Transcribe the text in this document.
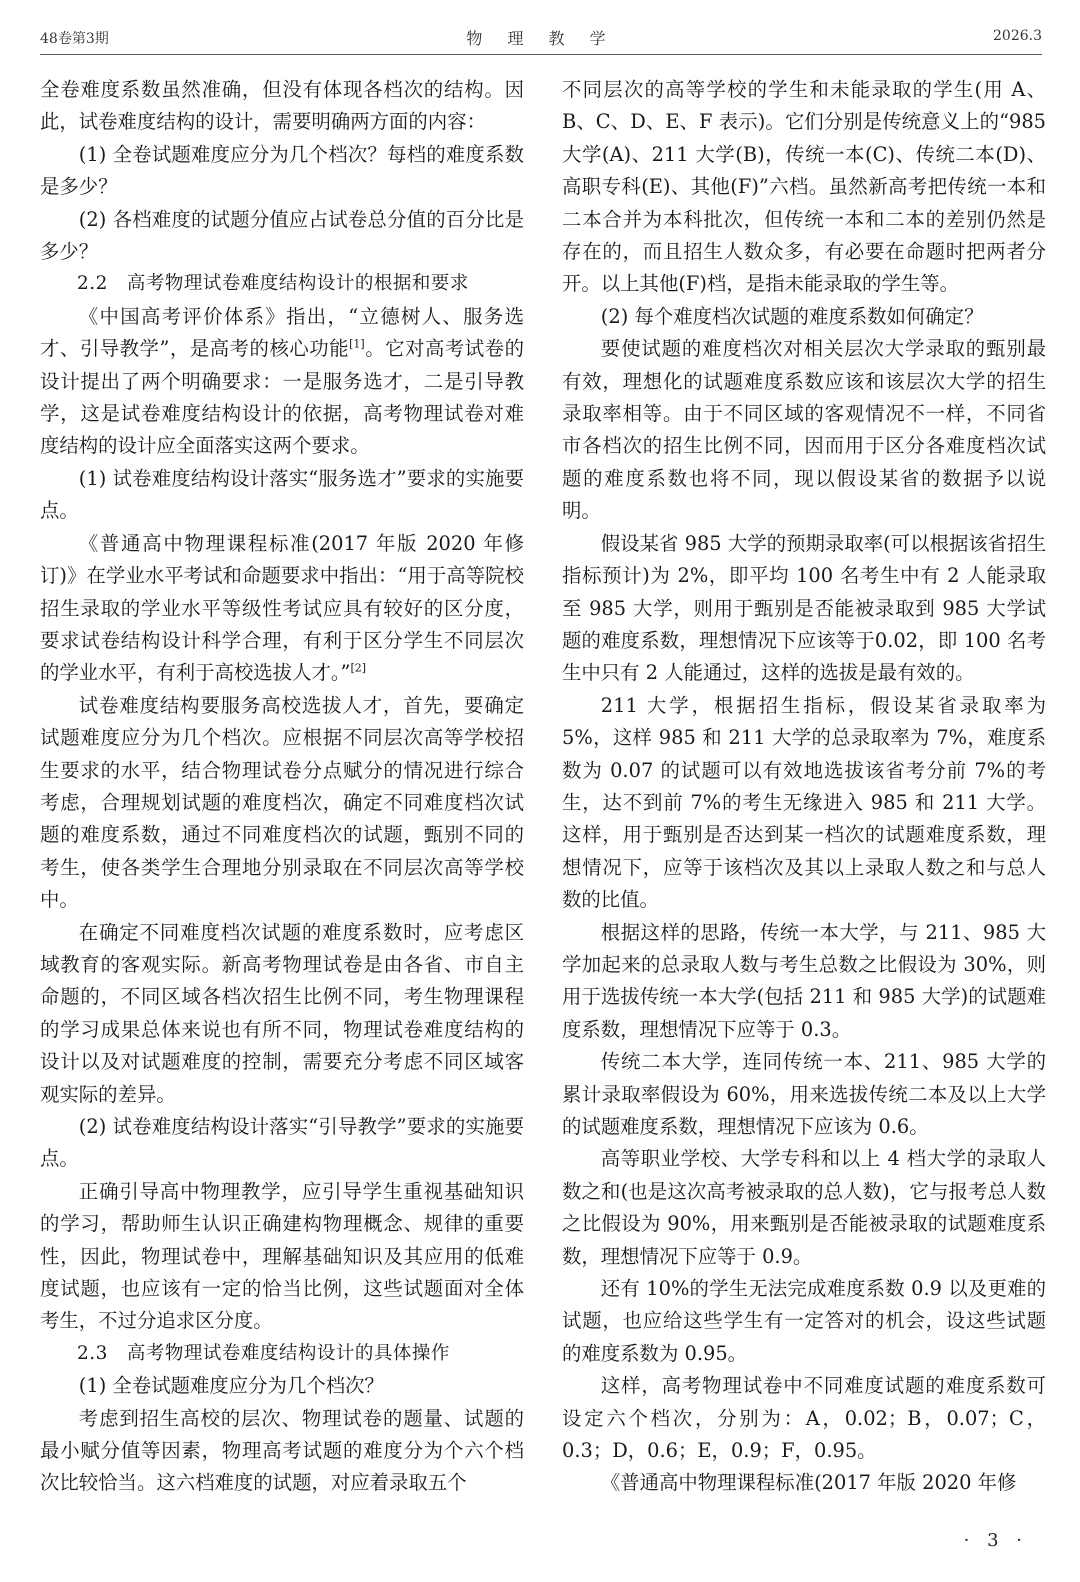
48卷第3期	物 理 教 学	2026.3

全卷难度系数虽然准确，但没有体现各档次的结构。因此，试卷难度结构的设计，需要明确两方面的内容：

(1) 全卷试题难度应分为几个档次？每档的难度系数是多少？

(2) 各档难度的试题分值应占试卷总分值的百分比是多少？

2.2　高考物理试卷难度结构设计的根据和要求

《中国高考评价体系》指出，“立德树人、服务选才、引导教学”，是高考的核心功能[1]。它对高考试卷的设计提出了两个明确要求：一是服务选才，二是引导教学，这是试卷难度结构设计的依据，高考物理试卷对难度结构的设计应全面落实这两个要求。

(1) 试卷难度结构设计落实“服务选才”要求的实施要点。

《普通高中物理课程标准(2017 年版 2020 年修订)》在学业水平考试和命题要求中指出：“用于高等院校招生录取的学业水平等级性考试应具有较好的区分度，要求试卷结构设计科学合理，有利于区分学生不同层次的学业水平，有利于高校选拔人才。”[2]

试卷难度结构要服务高校选拔人才，首先，要确定试题难度应分为几个档次。应根据不同层次高等学校招生要求的水平，结合物理试卷分点赋分的情况进行综合考虑，合理规划试题的难度档次，确定不同难度档次试题的难度系数，通过不同难度档次的试题，甄别不同的考生，使各类学生合理地分别录取在不同层次高等学校中。

在确定不同难度档次试题的难度系数时，应考虑区域教育的客观实际。新高考物理试卷是由各省、市自主命题的，不同区域各档次招生比例不同，考生物理课程的学习成果总体来说也有所不同，物理试卷难度结构的设计以及对试题难度的控制，需要充分考虑不同区域客观实际的差异。

(2) 试卷难度结构设计落实“引导教学”要求的实施要点。

正确引导高中物理教学，应引导学生重视基础知识的学习，帮助师生认识正确建构物理概念、规律的重要性，因此，物理试卷中，理解基础知识及其应用的低难度试题，也应该有一定的恰当比例，这些试题面对全体考生，不过分追求区分度。

2.3　高考物理试卷难度结构设计的具体操作

(1) 全卷试题难度应分为几个档次？

考虑到招生高校的层次、物理试卷的题量、试题的最小赋分值等因素，物理高考试题的难度分为个六个档次比较恰当。这六档难度的试题，对应着录取五个

不同层次的高等学校的学生和未能录取的学生(用 A、B、C、D、E、F 表示)。它们分别是传统意义上的“985 大学(A)、211 大学(B)，传统一本(C)、传统二本(D)、高职专科(E)、其他(F)”六档。虽然新高考把传统一本和二本合并为本科批次，但传统一本和二本的差别仍然是存在的，而且招生人数众多，有必要在命题时把两者分开。以上其他(F)档，是指未能录取的学生等。

(2) 每个难度档次试题的难度系数如何确定？

要使试题的难度档次对相关层次大学录取的甄别最有效，理想化的试题难度系数应该和该层次大学的招生录取率相等。由于不同区域的客观情况不一样，不同省市各档次的招生比例不同，因而用于区分各难度档次试题的难度系数也将不同，现以假设某省的数据予以说明。

假设某省 985 大学的预期录取率(可以根据该省招生指标预计)为 2%，即平均 100 名考生中有 2 人能录取至 985 大学，则用于甄别是否能被录取到 985 大学试题的难度系数，理想情况下应该等于0.02，即 100 名考生中只有 2 人能通过，这样的选拔是最有效的。

211 大学，根据招生指标，假设某省录取率为 5%，这样 985 和 211 大学的总录取率为 7%，难度系数为 0.07 的试题可以有效地选拔该省考分前 7%的考生，达不到前 7%的考生无缘进入 985 和 211 大学。这样，用于甄别是否达到某一档次的试题难度系数，理想情况下，应等于该档次及其以上录取人数之和与总人数的比值。

根据这样的思路，传统一本大学，与 211、985 大学加起来的总录取人数与考生总数之比假设为 30%，则用于选拔传统一本大学(包括 211 和 985 大学)的试题难度系数，理想情况下应等于 0.3。

传统二本大学，连同传统一本、211、985 大学的累计录取率假设为 60%，用来选拔传统二本及以上大学的试题难度系数，理想情况下应该为 0.6。

高等职业学校、大学专科和以上 4 档大学的录取人数之和(也是这次高考被录取的总人数)，它与报考总人数之比假设为 90%，用来甄别是否能被录取的试题难度系数，理想情况下应等于 0.9。

还有 10%的学生无法完成难度系数 0.9 以及更难的试题，也应给这些学生有一定答对的机会，设这些试题的难度系数为 0.95。

这样，高考物理试卷中不同难度试题的难度系数可设定六个档次，分别为：A，0.02；B，0.07；C，0.3；D，0.6；E，0.9；F，0.95。

《普通高中物理课程标准(2017 年版 2020 年修

· 3 ·
